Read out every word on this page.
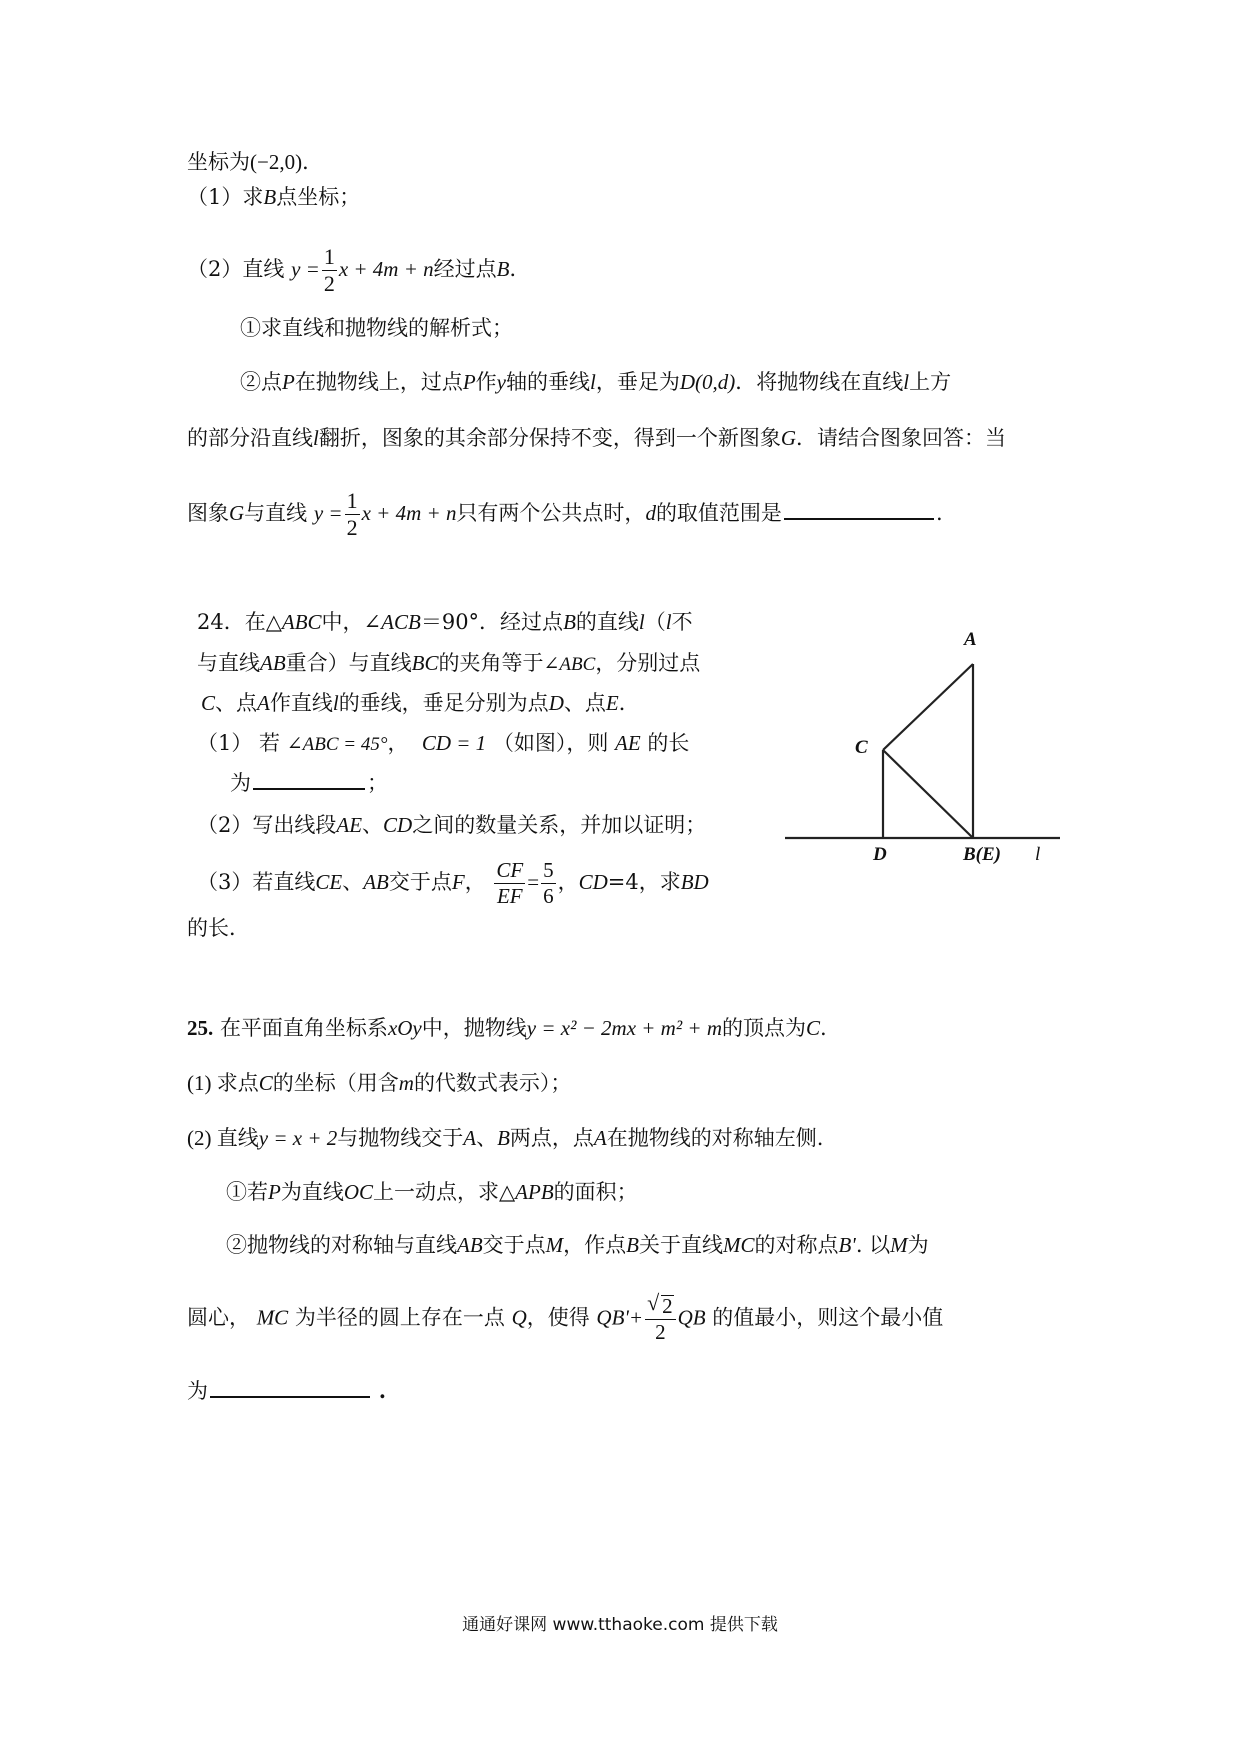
坐标为(−2,0)．
（1）求B点坐标；
（2）直线 $y = \frac{1}{2}$ x + 4m + n经过点B．
①求直线和抛物线的解析式；
②点P在抛物线上，过点P作y轴的垂线l，垂足为D(0,d)．将抛物线在直线l上方
的部分沿直线l翻折，图象的其余部分保持不变，得到一个新图象G．请结合图象回答：当
图象G与直线 $y = \frac{1}{2}$ x + 4m + n只有两个公共点时，d的取值范围是	.
24．在△ABC中，∠ACB＝90°．经过点B的直线l（l不
与直线AB重合）与直线BC的夹角等于∠ABC，分别过点
C、点A作直线l的垂线，垂足分别为点D、点E．
（1） 若 ∠ABC = 45°， CD = 1 （如图），则 AE 的长
为	；
（2）写出线段AE、CD之间的数量关系，并加以证明；
（3）若直线CE、AB交于点F， $\frac{CF}{EF} = \frac{5}{6}$ ，CD=4，求BD
的长．
A
C
D	B(E) l
25. 在平面直角坐标系xOy中，抛物线y = x² − 2mx + m² + m的顶点为C.
(1) 求点C的坐标（用含m的代数式表示）；
(2) 直线y = x + 2与抛物线交于A、B两点，点A在抛物线的对称轴左侧.
①若P为直线OC上一动点，求△APB的面积；
②抛物线的对称轴与直线AB交于点M，作点B关于直线MC的对称点B'. 以M为
圆心， MC 为半径的圆上存在一点 Q，使得 $QB'+ \frac{√ 2}{2}$ QB 的值最小，则这个最小值
为	.
通通好课网 www.tthaoke.com 提供下载
